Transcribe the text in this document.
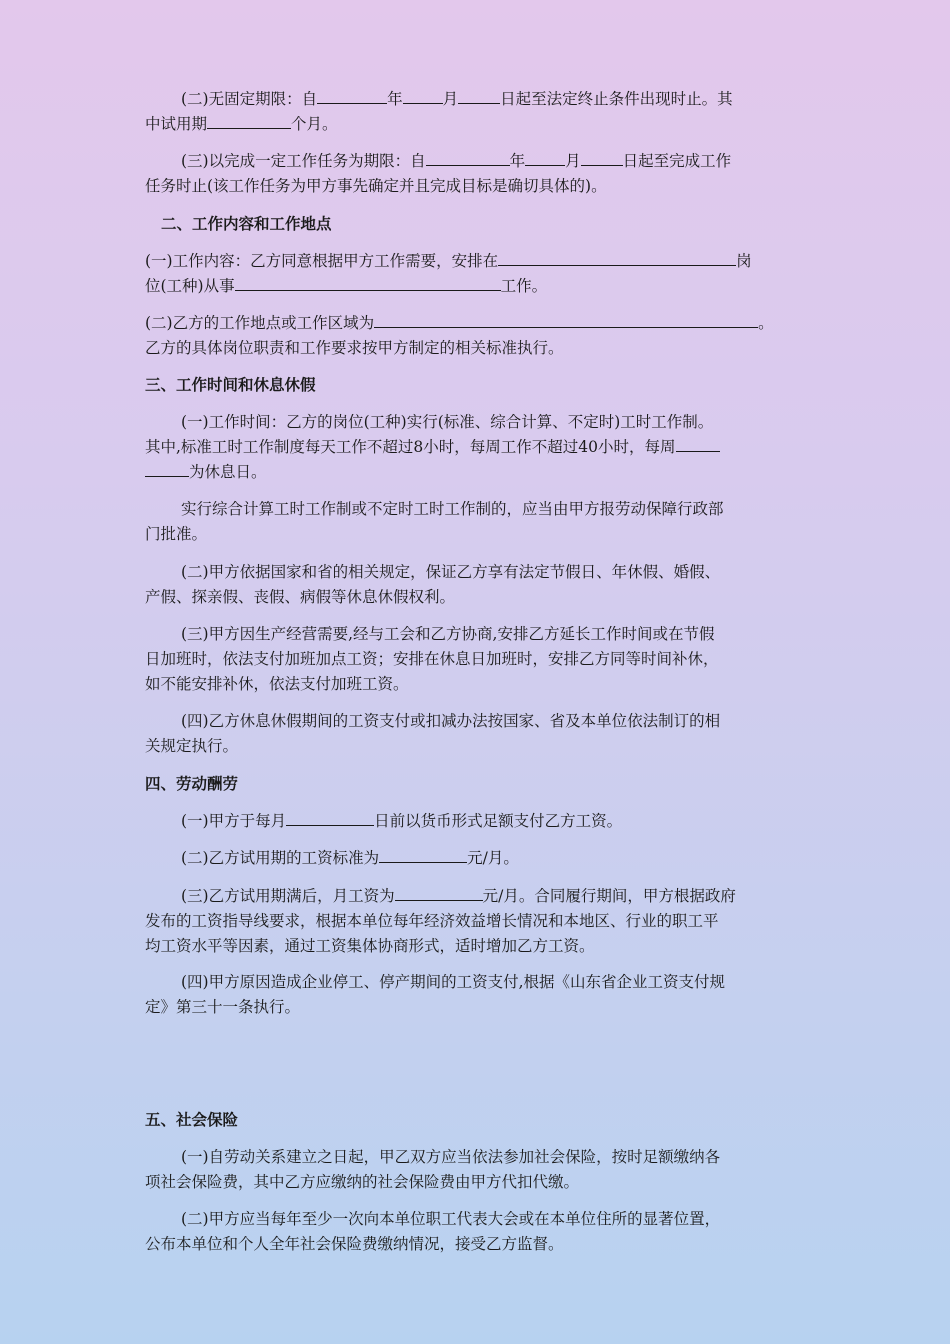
(二)无固定期限：自	年	月	日起至法定终止条件出现时止。其
中试用期	个月。
(三)以完成一定工作任务为期限：自	年	月	日起至完成工作
任务时止(该工作任务为甲方事先确定并且完成目标是确切具体的)。
二、工作内容和工作地点
(一)工作内容：乙方同意根据甲方工作需要，安排在	岗
位(工种)从事	工作。
(二)乙方的工作地点或工作区域为	。
乙方的具体岗位职责和工作要求按甲方制定的相关标准执行。
三、工作时间和休息休假
(一)工作时间：乙方的岗位(工种)实行(标准、综合计算、不定时)工时工作制。
其中,标准工时工作制度每天工作不超过8小时，每周工作不超过40小时，每周
为休息日。
实行综合计算工时工作制或不定时工时工作制的，应当由甲方报劳动保障行政部
门批准。
(二)甲方依据国家和省的相关规定，保证乙方享有法定节假日、年休假、婚假、
产假、探亲假、丧假、病假等休息休假权利。
(三)甲方因生产经营需要,经与工会和乙方协商,安排乙方延长工作时间或在节假
日加班时，依法支付加班加点工资；安排在休息日加班时，安排乙方同等时间补休，
如不能安排补休，依法支付加班工资。
(四)乙方休息休假期间的工资支付或扣减办法按国家、省及本单位依法制订的相
关规定执行。
四、劳动酬劳
(一)甲方于每月	日前以货币形式足额支付乙方工资。
(二)乙方试用期的工资标准为	元/月。
(三)乙方试用期满后，月工资为	元/月。合同履行期间，甲方根据政府
发布的工资指导线要求，根据本单位每年经济效益增长情况和本地区、行业的职工平
均工资水平等因素，通过工资集体协商形式，适时增加乙方工资。
(四)甲方原因造成企业停工、停产期间的工资支付,根据《山东省企业工资支付规
定》第三十一条执行。
五、社会保险
(一)自劳动关系建立之日起，甲乙双方应当依法参加社会保险，按时足额缴纳各
项社会保险费，其中乙方应缴纳的社会保险费由甲方代扣代缴。
(二)甲方应当每年至少一次向本单位职工代表大会或在本单位住所的显著位置，
公布本单位和个人全年社会保险费缴纳情况，接受乙方监督。
